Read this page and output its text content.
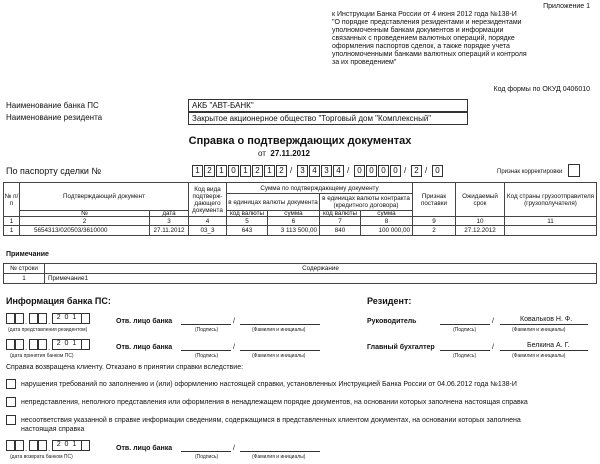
Приложение 1
к Инструкции Банка России от 4 июня 2012 года №138-И
"О порядке представления резидентами и нерезидентами
уполномоченным банкам документов и информации
связанных с проведением валютных операций, порядке
оформления паспортов сделок, а также порядке учета
уполномоченными банками валютных операций и контроля
за их проведением"
Код формы по ОКУД 0406010
Наименование банка ПС	АКБ "АВТ-БАНК"
Наименование резидента	Закрытое акционерное общество "Торговый дом "Комплексный"
Справка о подтверждающих документах
от 27.11.2012
По паспорту сделки №	1 2 1 0 1 2 1 2 /	3 4 3 4 /	0 0 0 0 /	2 /	0	Признак корректировки
№ п/п
Подтверждающий документ
№	дата
Код вида подтверж- дающего документа
Сумма по подтверждающему документу
в единицах валюты документа в единицах валюты контракта (кредитного договора)
код валюты	сумма	код валюты	сумма
Признак поставки
Ожидаемый срок
Код страны грузоотправителя (грузополучателя)
1	2	3	4	5	6	7	8	9	10	11
1	5654313/020503/3610000	27.11.2012	03_3	643	3 113 500,00	840	100 000,00	2	27.12.2012
Примечание
№ строки	Содержание
1	Примечание1
Информация банка ПС:	Резидент:
.	. 2 0 1
(дата представления резидентом)
Отв. лицо банка	/
(Подпись)	(Фамилия и инициалы)
Руководитель	/	Ковальков Н. Ф.
(Подпись)	(Фамилия и инициалы)
.	. 2 0 1
(дата принятия банком ПС)
Отв. лицо банка	/
(Подпись)	(Фамилия и инициалы)
Главный бухгалтер	/	Белкина А. Г.
(Подпись)	(Фамилия и инициалы)
Справка возвращена клиенту. Отказано в принятии справки вследствие:
нарушения требований по заполнению и (или) оформлению настоящей справки, установленных Инструкцией Банка России от 04.06.2012 года №138-И
непредставления, неполного представления или оформления в ненадлежащем порядке документов, на основании которых заполнена настоящая справка
несоответствия указанной в справке информации сведениям, содержащимся в представленных клиентом документах, на основании которых заполнена
настоящая справка
.	. 2 0 1
(дата возврата банком ПС)
Отв. лицо банка	/
(Подпись)	(Фамилия и инициалы)
